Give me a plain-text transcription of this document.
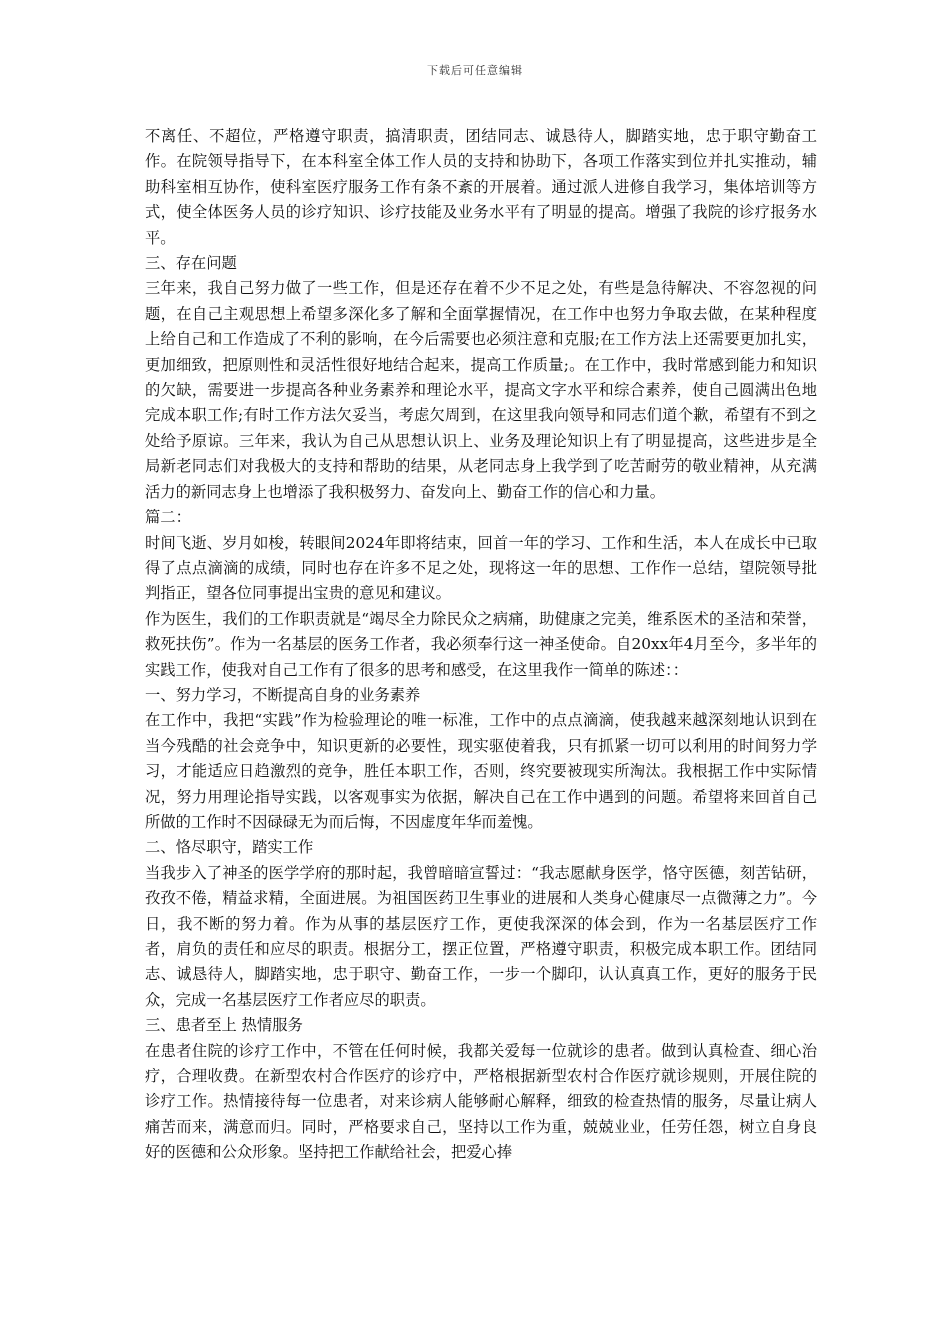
下载后可任意编辑

不离任、不超位，严格遵守职责，搞清职责，团结同志、诚恳待人，脚踏实地，忠于职守勤奋工作。在院领导指导下，在本科室全体工作人员的支持和协助下，各项工作落实到位并扎实推动，辅助科室相互协作，使科室医疗服务工作有条不紊的开展着。通过派人进修自我学习，集体培训等方式，使全体医务人员的诊疗知识、诊疗技能及业务水平有了明显的提高。增强了我院的诊疗报务水平。

三、存在问题

三年来，我自己努力做了一些工作，但是还存在着不少不足之处，有些是急待解决、不容忽视的问题，在自己主观思想上希望多深化多了解和全面掌握情况，在工作中也努力争取去做，在某种程度上给自己和工作造成了不利的影响，在今后需要也必须注意和克服;在工作方法上还需要更加扎实，更加细致，把原则性和灵活性很好地结合起来，提高工作质量;。在工作中，我时常感到能力和知识的欠缺，需要进一步提高各种业务素养和理论水平，提高文字水平和综合素养，使自己圆满出色地完成本职工作;有时工作方法欠妥当，考虑欠周到，在这里我向领导和同志们道个歉，希望有不到之处给予原谅。三年来，我认为自己从思想认识上、业务及理论知识上有了明显提高，这些进步是全局新老同志们对我极大的支持和帮助的结果，从老同志身上我学到了吃苦耐劳的敬业精神，从充满活力的新同志身上也增添了我积极努力、奋发向上、勤奋工作的信心和力量。

篇二：

时间飞逝、岁月如梭，转眼间2024年即将结束，回首一年的学习、工作和生活，本人在成长中已取得了点点滴滴的成绩，同时也存在许多不足之处，现将这一年的思想、工作作一总结，望院领导批判指正，望各位同事提出宝贵的意见和建议。

作为医生，我们的工作职责就是“竭尽全力除民众之病痛，助健康之完美，维系医术的圣洁和荣誉，救死扶伤”。作为一名基层的医务工作者，我必须奉行这一神圣使命。自20xx年4月至今，多半年的实践工作，使我对自己工作有了很多的思考和感受，在这里我作一简单的陈述：：

一、努力学习，不断提高自身的业务素养

在工作中，我把“实践”作为检验理论的唯一标准，工作中的点点滴滴，使我越来越深刻地认识到在当今残酷的社会竞争中，知识更新的必要性，现实驱使着我，只有抓紧一切可以利用的时间努力学习，才能适应日趋激烈的竞争，胜任本职工作，否则，终究要被现实所淘汰。我根据工作中实际情况，努力用理论指导实践，以客观事实为依据，解决自己在工作中遇到的问题。希望将来回首自己所做的工作时不因碌碌无为而后悔，不因虚度年华而羞愧。

二、恪尽职守，踏实工作

当我步入了神圣的医学学府的那时起，我曾暗暗宣誓过：“我志愿献身医学，恪守医德，刻苦钻研，孜孜不倦，精益求精，全面进展。为祖国医药卫生事业的进展和人类身心健康尽一点微薄之力”。今日，我不断的努力着。作为从事的基层医疗工作，更使我深深的体会到，作为一名基层医疗工作者，肩负的责任和应尽的职责。根据分工，摆正位置，严格遵守职责，积极完成本职工作。团结同志、诚恳待人，脚踏实地，忠于职守、勤奋工作，一步一个脚印，认认真真工作，更好的服务于民众，完成一名基层医疗工作者应尽的职责。

三、患者至上 热情服务

在患者住院的诊疗工作中，不管在任何时候，我都关爱每一位就诊的患者。做到认真检查、细心治疗，合理收费。在新型农村合作医疗的诊疗中，严格根据新型农村合作医疗就诊规则，开展住院的诊疗工作。热情接待每一位患者，对来诊病人能够耐心解释，细致的检查热情的服务，尽量让病人痛苦而来，满意而归。同时，严格要求自己，坚持以工作为重，兢兢业业，任劳任怨，树立自身良好的医德和公众形象。坚持把工作献给社会，把爱心捧
